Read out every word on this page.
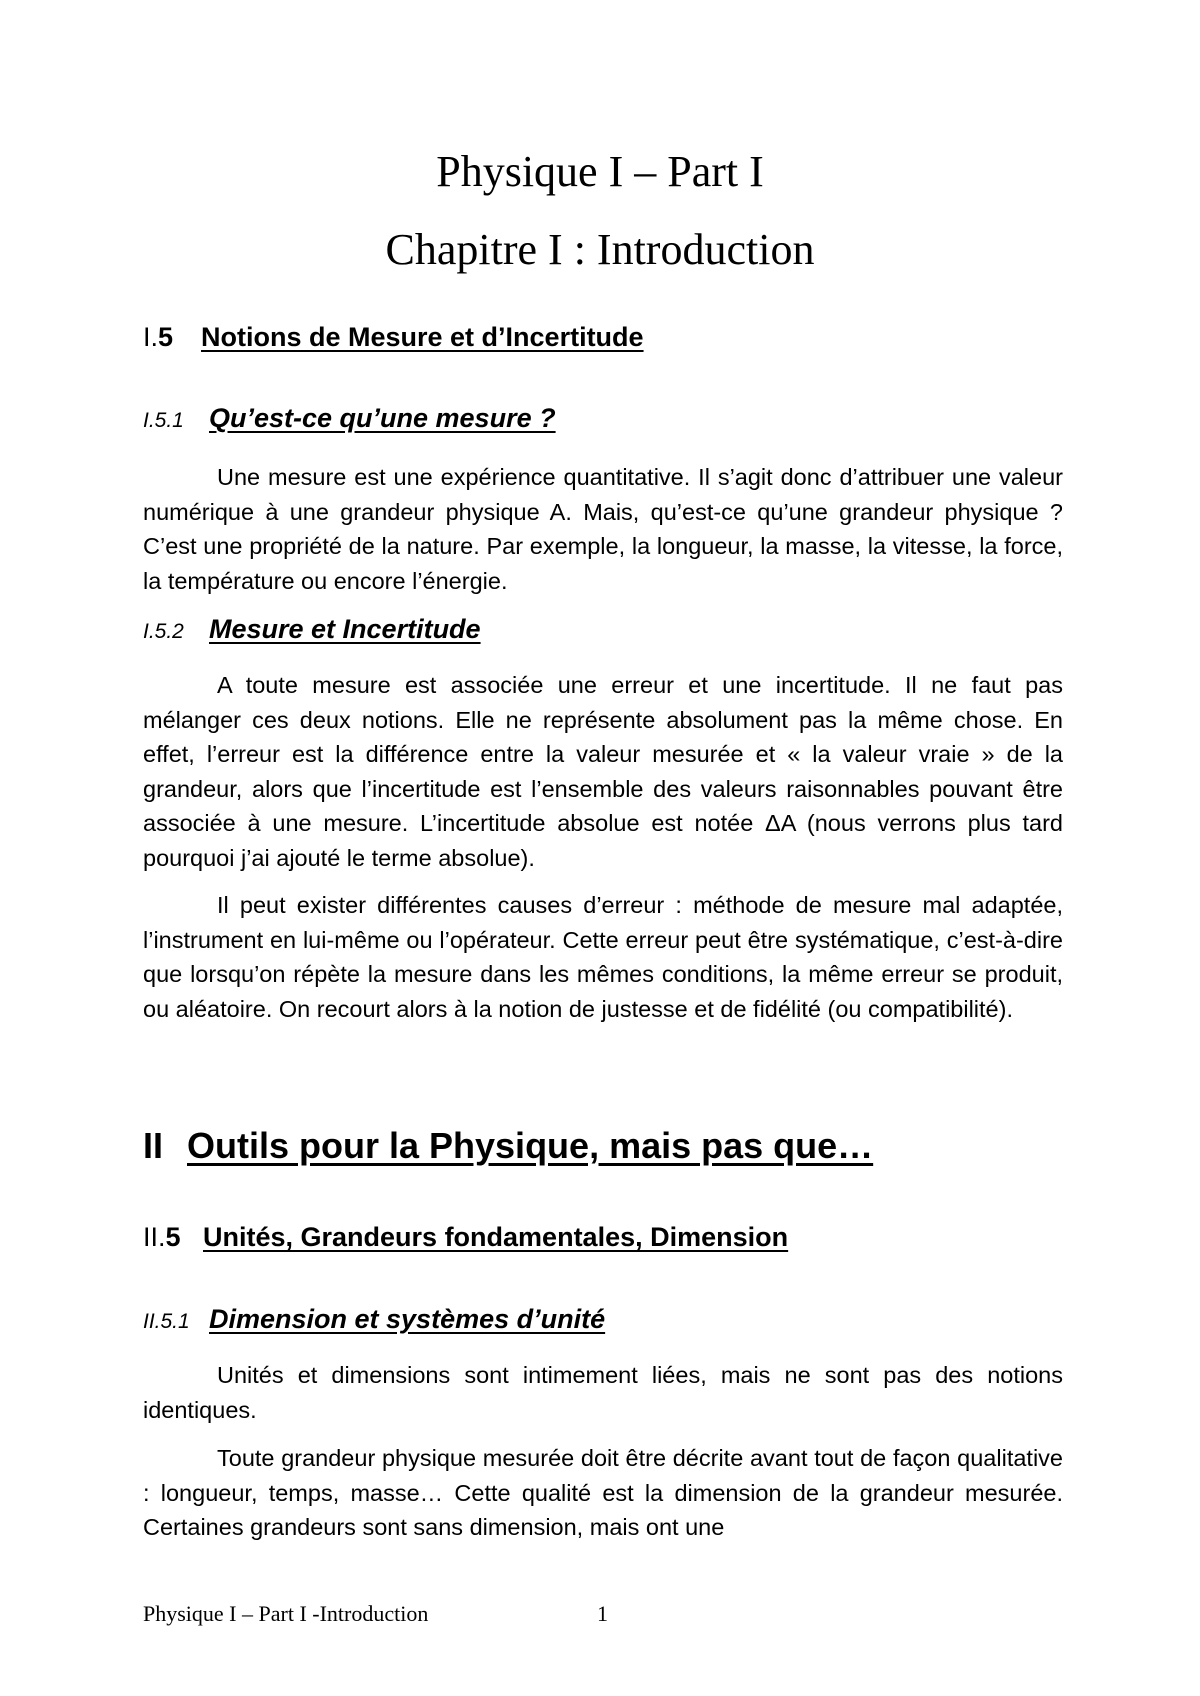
Physique I – Part I
Chapitre I : Introduction
I.5 Notions de Mesure et d’Incertitude
I.5.1 Qu’est-ce qu’une mesure ?

Une mesure est une expérience quantitative. Il s’agit donc d’attribuer une valeur numérique à une grandeur physique A. Mais, qu’est-ce qu’une grandeur physique ? C’est une propriété de la nature. Par exemple, la longueur, la masse, la vitesse, la force, la température ou encore l’énergie.

I.5.2 Mesure et Incertitude

A toute mesure est associée une erreur et une incertitude. Il ne faut pas mélanger ces deux notions. Elle ne représente absolument pas la même chose. En effet, l’erreur est la différence entre la valeur mesurée et « la valeur vraie » de la grandeur, alors que l’incertitude est l’ensemble des valeurs raisonnables pouvant être associée à une mesure. L’incertitude absolue est notée ΔA (nous verrons plus tard pourquoi j’ai ajouté le terme absolue).

Il peut exister différentes causes d’erreur : méthode de mesure mal adaptée, l’instrument en lui-même ou l’opérateur. Cette erreur peut être systématique, c’est-à-dire que lorsqu’on répète la mesure dans les mêmes conditions, la même erreur se produit, ou aléatoire. On recourt alors à la notion de justesse et de fidélité (ou compatibilité).

II Outils pour la Physique, mais pas que…
II.5 Unités, Grandeurs fondamentales, Dimension
II.5.1 Dimension et systèmes d’unité

Unités et dimensions sont intimement liées, mais ne sont pas des notions identiques.

Toute grandeur physique mesurée doit être décrite avant tout de façon qualitative : longueur, temps, masse… Cette qualité est la dimension de la grandeur mesurée. Certaines grandeurs sont sans dimension, mais ont une

Physique I – Part I -Introduction	1
